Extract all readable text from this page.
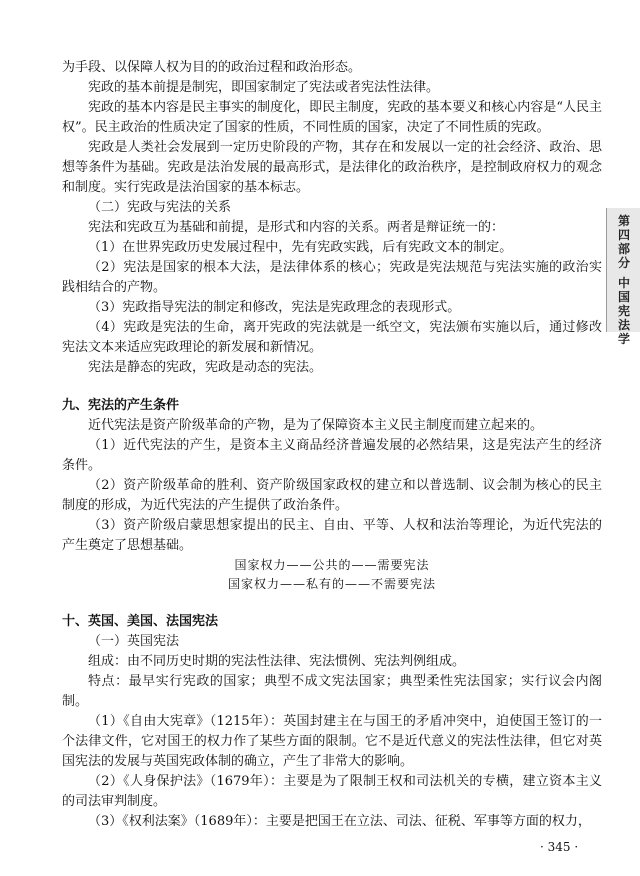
为手段、以保障人权为目的的政治过程和政治形态。

宪政的基本前提是制宪，即国家制定了宪法或者宪法性法律。

宪政的基本内容是民主事实的制度化，即民主制度，宪政的基本要义和核心内容是“人民主权”。民主政治的性质决定了国家的性质，不同性质的国家，决定了不同性质的宪政。

宪政是人类社会发展到一定历史阶段的产物，其存在和发展以一定的社会经济、政治、思想等条件为基础。宪政是法治发展的最高形式，是法律化的政治秩序，是控制政府权力的观念和制度。实行宪政是法治国家的基本标志。

（二）宪政与宪法的关系

宪法和宪政互为基础和前提，是形式和内容的关系。两者是辩证统一的：

（1）在世界宪政历史发展过程中，先有宪政实践，后有宪政文本的制定。

（2）宪法是国家的根本大法，是法律体系的核心；宪政是宪法规范与宪法实施的政治实践相结合的产物。

（3）宪政指导宪法的制定和修改，宪法是宪政理念的表现形式。

（4）宪政是宪法的生命，离开宪政的宪法就是一纸空文，宪法颁布实施以后，通过修改宪法文本来适应宪政理论的新发展和新情况。

宪法是静态的宪政，宪政是动态的宪法。

九、宪法的产生条件

近代宪法是资产阶级革命的产物，是为了保障资本主义民主制度而建立起来的。

（1）近代宪法的产生，是资本主义商品经济普遍发展的必然结果，这是宪法产生的经济条件。

（2）资产阶级革命的胜利、资产阶级国家政权的建立和以普选制、议会制为核心的民主制度的形成，为近代宪法的产生提供了政治条件。

（3）资产阶级启蒙思想家提出的民主、自由、平等、人权和法治等理论，为近代宪法的产生奠定了思想基础。

国家权力——公共的——需要宪法

国家权力——私有的——不需要宪法

十、英国、美国、法国宪法

（一）英国宪法

组成：由不同历史时期的宪法性法律、宪法惯例、宪法判例组成。

特点：最早实行宪政的国家；典型不成文宪法国家；典型柔性宪法国家；实行议会内阁制。

（1）《自由大宪章》（1215年）：英国封建主在与国王的矛盾冲突中，迫使国王签订的一个法律文件，它对国王的权力作了某些方面的限制。它不是近代意义的宪法性法律，但它对英国宪法的发展与英国宪政体制的确立，产生了非常大的影响。

（2）《人身保护法》（1679年）：主要是为了限制王权和司法机关的专横，建立资本主义的司法审判制度。

（3）《权利法案》（1689年）：主要是把国王在立法、司法、征税、军事等方面的权力，

第
四
部
分
中
国
宪
法
学
· 345 ·
